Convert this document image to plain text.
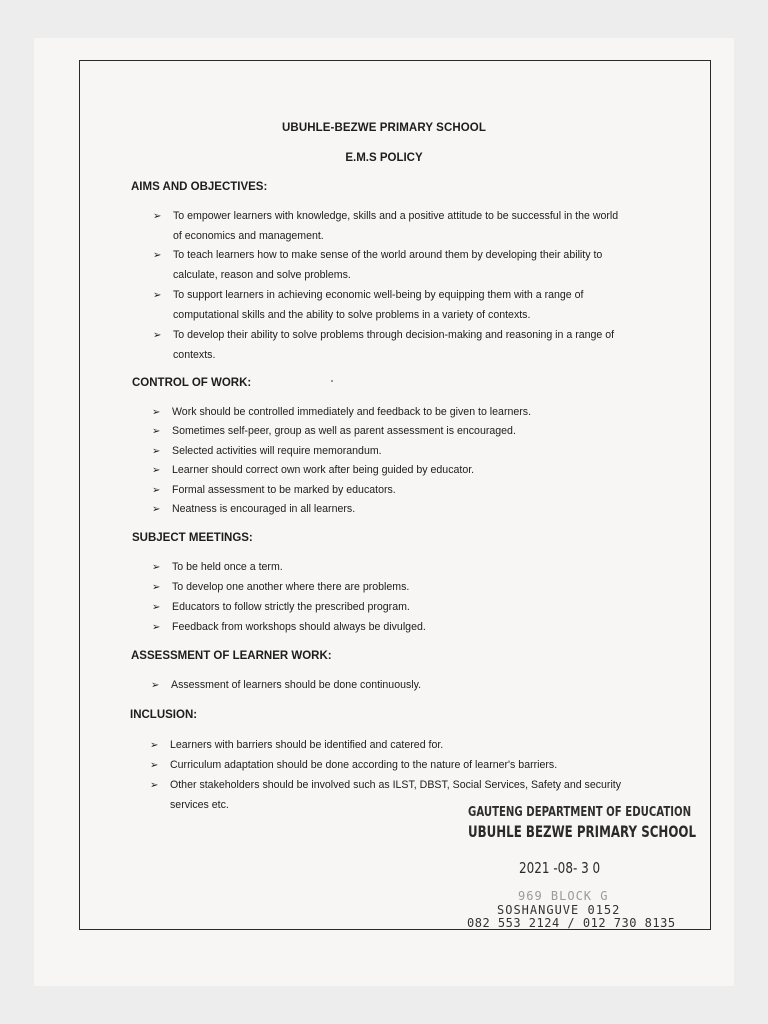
UBUHLE-BEZWE PRIMARY SCHOOL
E.M.S POLICY
AIMS AND OBJECTIVES:
➢ To empower learners with knowledge, skills and a positive attitude to be successful in the world
of economics and management.
➢ To teach learners how to make sense of the world around them by developing their ability to
calculate, reason and solve problems.
➢ To support learners in achieving economic well-being by equipping them with a range of
computational skills and the ability to solve problems in a variety of contexts.
➢ To develop their ability to solve problems through decision-making and reasoning in a range of
contexts.
CONTROL OF WORK:
➢ Work should be controlled immediately and feedback to be given to learners.
➢ Sometimes self-peer, group as well as parent assessment is encouraged.
➢ Selected activities will require memorandum.
➢ Learner should correct own work after being guided by educator.
➢ Formal assessment to be marked by educators.
➢ Neatness is encouraged in all learners.
SUBJECT MEETINGS:
➢ To be held once a term.
➢ To develop one another where there are problems.
➢ Educators to follow strictly the prescribed program.
➢ Feedback from workshops should always be divulged.
ASSESSMENT OF LEARNER WORK:
➢ Assessment of learners should be done continuously.
INCLUSION:
➢ Learners with barriers should be identified and catered for.
➢ Curriculum adaptation should be done according to the nature of learner's barriers.
➢ Other stakeholders should be involved such as ILST, DBST, Social Services, Safety and security
services etc.
GAUTENG DEPARTMENT OF EDUCATION
UBUHLE BEZWE PRIMARY SCHOOL
2021 -08- 3 0
969 BLOCK G
SOSHANGUVE 0152
082 553 2124 / 012 730 8135
